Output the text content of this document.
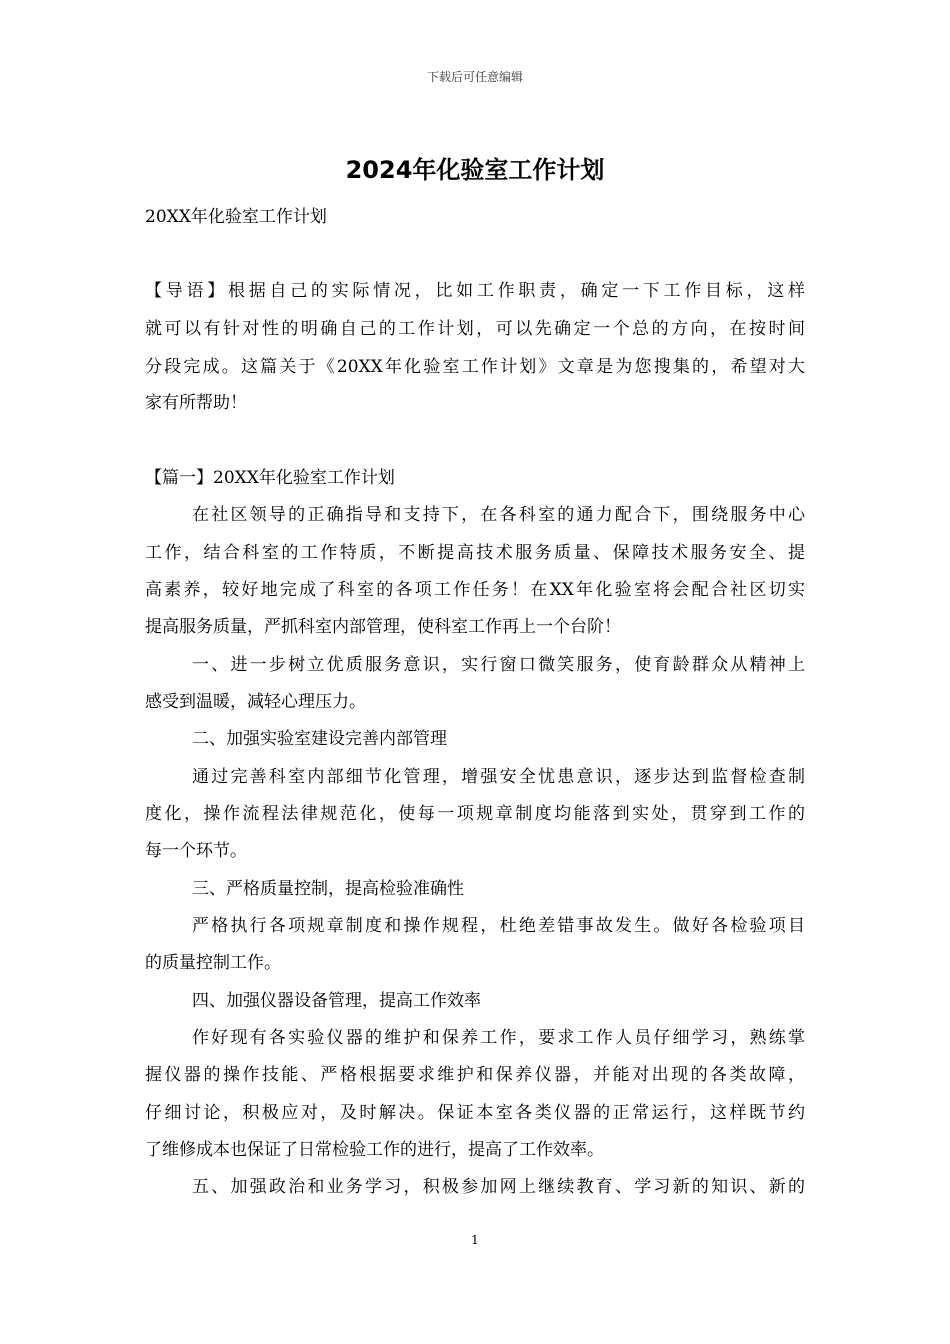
下载后可任意编辑
2024年化验室工作计划
20XX年化验室工作计划
【导语】根据自己的实际情况，比如工作职责，确定一下工作目标，这样
就可以有针对性的明确自己的工作计划，可以先确定一个总的方向，在按时间
分段完成。这篇关于《20XX年化验室工作计划》文章是为您搜集的，希望对大
家有所帮助！
【篇一】20XX年化验室工作计划
在社区领导的正确指导和支持下，在各科室的通力配合下，围绕服务中心
工作，结合科室的工作特质，不断提高技术服务质量、保障技术服务安全、提
高素养，较好地完成了科室的各项工作任务！在XX年化验室将会配合社区切实
提高服务质量，严抓科室内部管理，使科室工作再上一个台阶！
一、进一步树立优质服务意识，实行窗口微笑服务，使育龄群众从精神上
感受到温暖，减轻心理压力。
二、加强实验室建设完善内部管理
通过完善科室内部细节化管理，增强安全忧患意识，逐步达到监督检查制
度化，操作流程法律规范化，使每一项规章制度均能落到实处，贯穿到工作的
每一个环节。
三、严格质量控制，提高检验准确性
严格执行各项规章制度和操作规程，杜绝差错事故发生。做好各检验项目
的质量控制工作。
四、加强仪器设备管理，提高工作效率
作好现有各实验仪器的维护和保养工作，要求工作人员仔细学习，熟练掌
握仪器的操作技能、严格根据要求维护和保养仪器，并能对出现的各类故障，
仔细讨论，积极应对，及时解决。保证本室各类仪器的正常运行，这样既节约
了维修成本也保证了日常检验工作的进行，提高了工作效率。
五、加强政治和业务学习，积极参加网上继续教育、学习新的知识、新的
1
